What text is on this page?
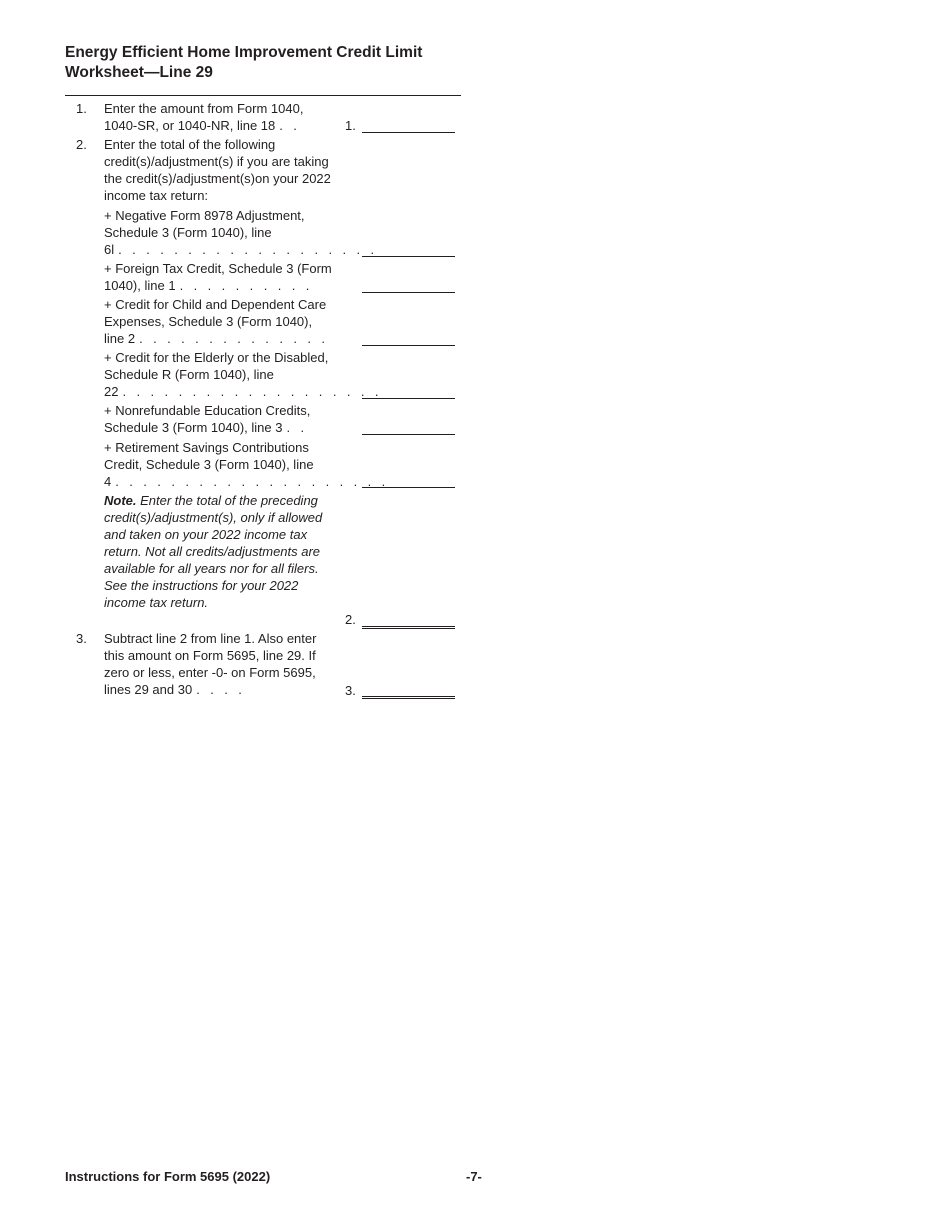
Energy Efficient Home Improvement Credit Limit Worksheet—Line 29
1. Enter the amount from Form 1040, 1040-SR, or 1040-NR, line 18 . .	1.
2. Enter the total of the following credit(s)/adjustment(s) if you are taking the credit(s)/adjustment(s)on your 2022 income tax return:
+ Negative Form 8978 Adjustment, Schedule 3 (Form 1040), line 6l . . . . . . . . . . . . . . . . . . .
+ Foreign Tax Credit, Schedule 3 (Form 1040), line 1 . . . . . . . . . .
+ Credit for Child and Dependent Care Expenses, Schedule 3 (Form 1040), line 2 . . . . . . . . . . . . . .
+ Credit for the Elderly or the Disabled, Schedule R (Form 1040), line 22 . . . . . . . . . . . . . . . . . . .
+ Nonrefundable Education Credits, Schedule 3 (Form 1040), line 3 . .
+ Retirement Savings Contributions Credit, Schedule 3 (Form 1040), line 4 . . . . . . . . . . . . . . . . . . . .
Note. Enter the total of the preceding credit(s)/adjustment(s), only if allowed and taken on your 2022 income tax return. Not all credits/adjustments are available for all years nor for all filers. See the instructions for your 2022 income tax return.
2.
3. Subtract line 2 from line 1. Also enter this amount on Form 5695, line 29. If zero or less, enter -0- on Form 5695, lines 29 and 30 . . . .	3.
Instructions for Form 5695 (2022)	-7-
